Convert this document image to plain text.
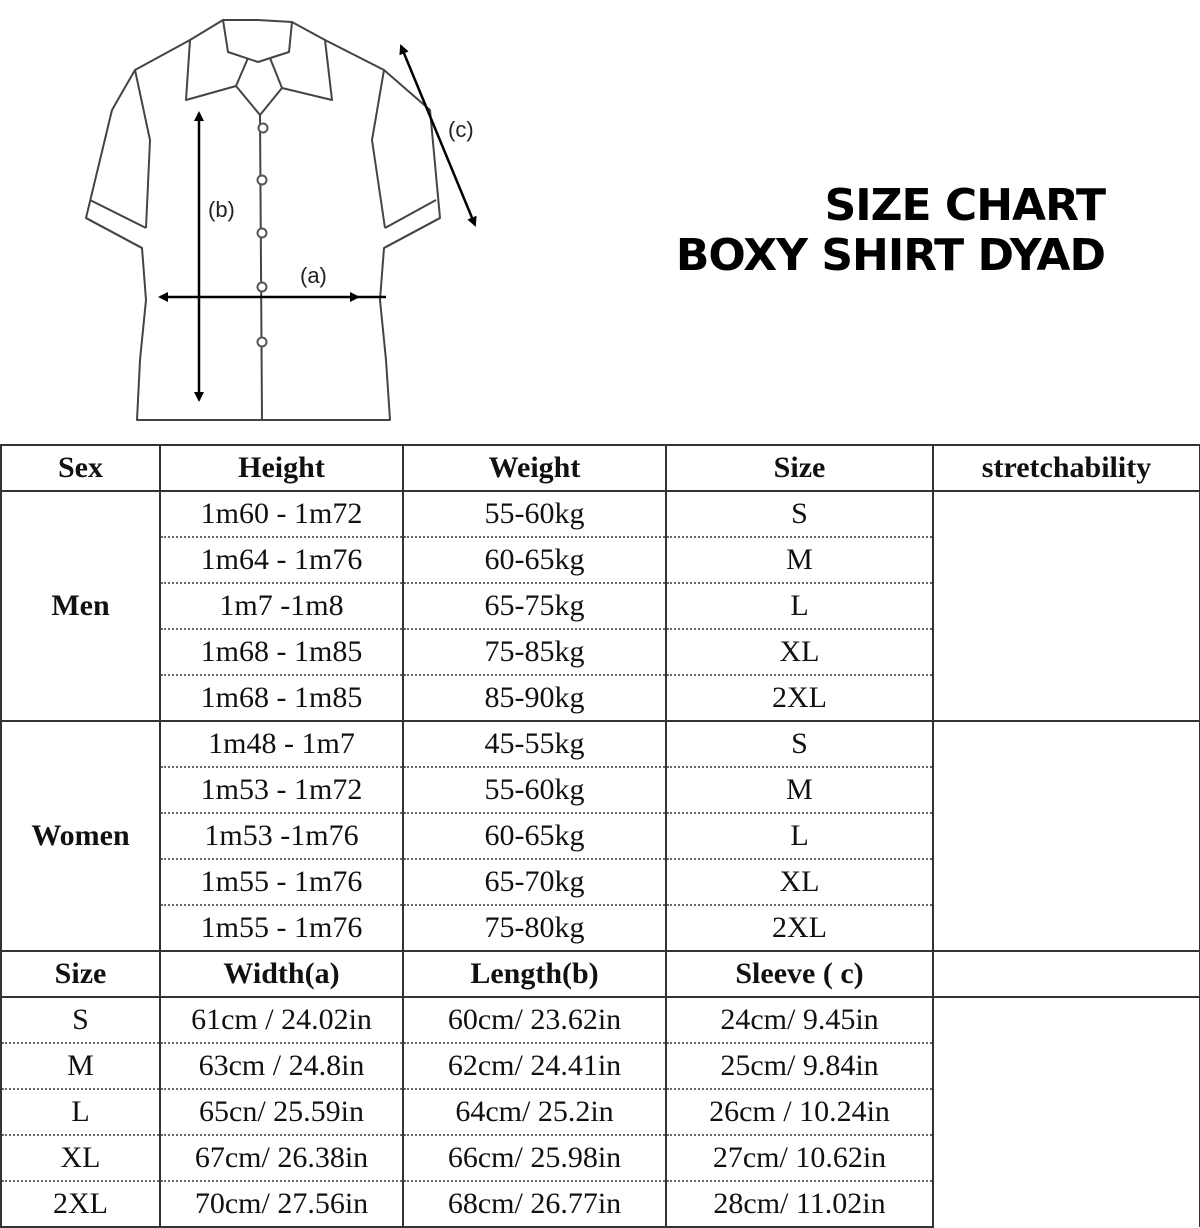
(a)
(b)
(c)
SIZE CHART
BOXY SHIRT DYAD
Sex	Height	Weight	Size	stretchability
Men	1m60 - 1m72	55-60kg	S	
	1m64 - 1m76	60-65kg	M	
	1m7 -1m8	65-75kg	L	
	1m68 - 1m85	75-85kg	XL	
	1m68 - 1m85	85-90kg	2XL	
Women	1m48 - 1m7	45-55kg	S	
	1m53 - 1m72	55-60kg	M	
	1m53 -1m76	60-65kg	L	
	1m55 - 1m76	65-70kg	XL	
	1m55 - 1m76	75-80kg	2XL	
Size	Width(a)	Length(b)	Sleeve ( c)	
S	61cm / 24.02in	60cm/ 23.62in	24cm/ 9.45in	
M	63cm / 24.8in	62cm/ 24.41in	25cm/ 9.84in	
L	65cn/ 25.59in	64cm/ 25.2in	26cm / 10.24in	
XL	67cm/ 26.38in	66cm/ 25.98in	27cm/ 10.62in	
2XL	70cm/ 27.56in	68cm/ 26.77in	28cm/ 11.02in	
